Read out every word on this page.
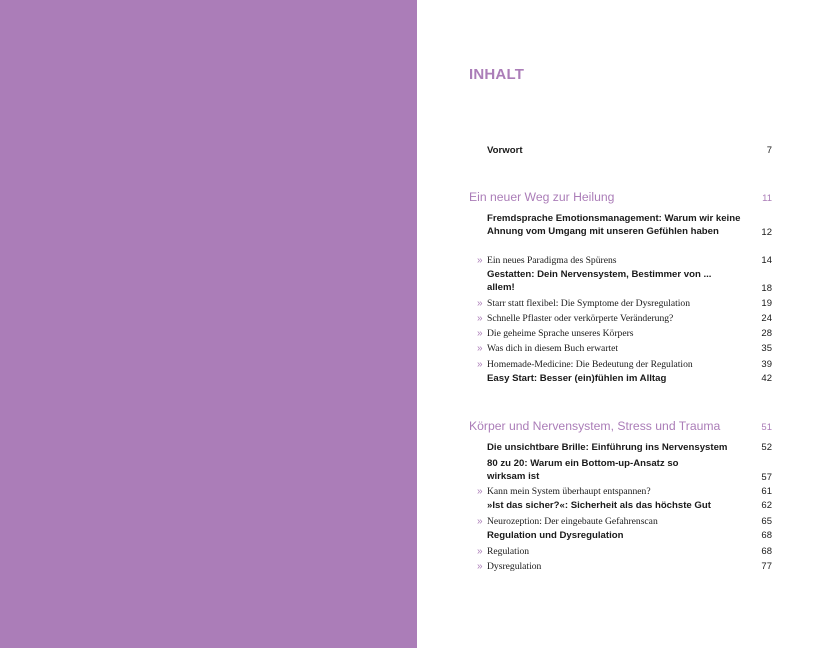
INHALT
Vorwort	7
Ein neuer Weg zur Heilung	11
Fremdsprache Emotionsmanagement: Warum wir keine Ahnung vom Umgang mit unseren Gefühlen haben	12
» Ein neues Paradigma des Spürens	14
Gestatten: Dein Nervensystem, Bestimmer von ... allem!	18
» Starr statt flexibel: Die Symptome der Dysregulation	19
» Schnelle Pflaster oder verkörperte Veränderung?	24
» Die geheime Sprache unseres Körpers	28
» Was dich in diesem Buch erwartet	35
» Homemade-Medicine: Die Bedeutung der Regulation	39
Easy Start: Besser (ein)fühlen im Alltag	42
Körper und Nervensystem, Stress und Trauma	51
Die unsichtbare Brille: Einführung ins Nervensystem	52
80 zu 20: Warum ein Bottom-up-Ansatz so wirksam ist	57
» Kann mein System überhaupt entspannen?	61
»Ist das sicher?«: Sicherheit als das höchste Gut	62
» Neurozeption: Der eingebaute Gefahrenscan	65
Regulation und Dysregulation	68
» Regulation	68
» Dysregulation	77
